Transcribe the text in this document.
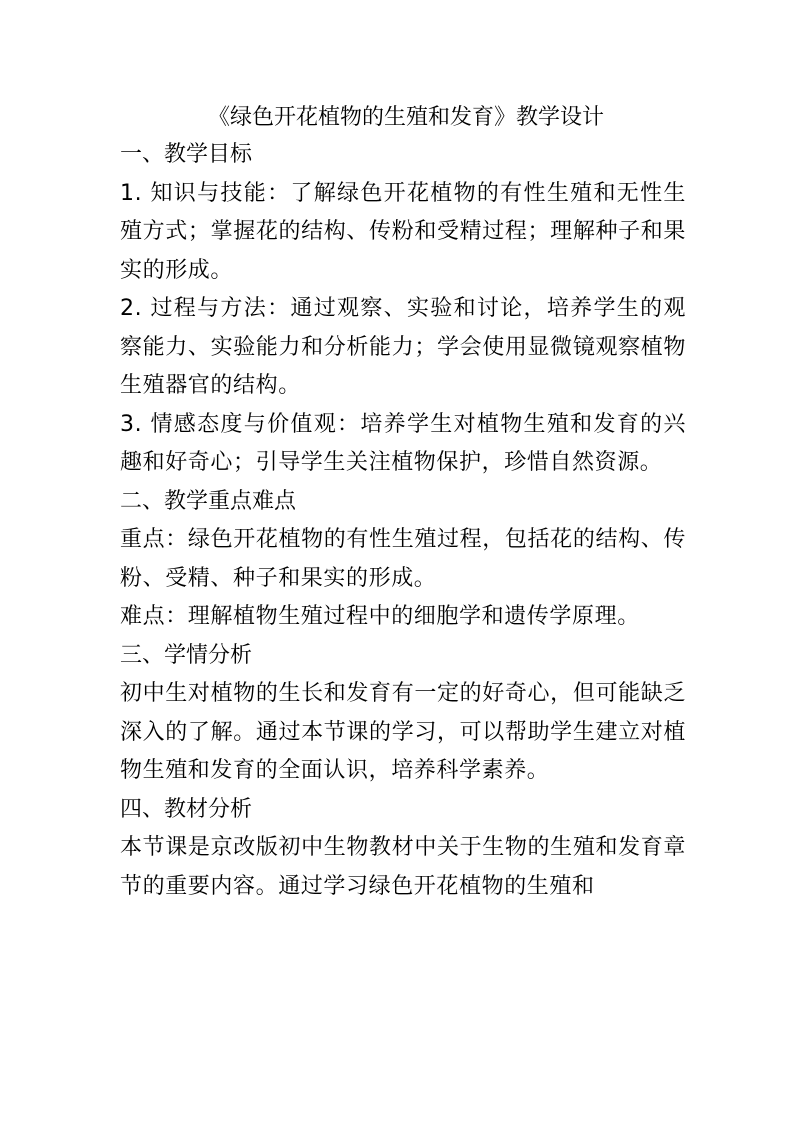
《绿色开花植物的生殖和发育》教学设计

一、教学目标

1. 知识与技能：了解绿色开花植物的有性生殖和无性生殖方式；掌握花的结构、传粉和受精过程；理解种子和果实的形成。

2. 过程与方法：通过观察、实验和讨论，培养学生的观察能力、实验能力和分析能力；学会使用显微镜观察植物生殖器官的结构。

3. 情感态度与价值观：培养学生对植物生殖和发育的兴趣和好奇心；引导学生关注植物保护，珍惜自然资源。

二、教学重点难点

重点：绿色开花植物的有性生殖过程，包括花的结构、传粉、受精、种子和果实的形成。

难点：理解植物生殖过程中的细胞学和遗传学原理。

三、学情分析

初中生对植物的生长和发育有一定的好奇心，但可能缺乏深入的了解。通过本节课的学习，可以帮助学生建立对植物生殖和发育的全面认识，培养科学素养。

四、教材分析

本节课是京改版初中生物教材中关于生物的生殖和发育章节的重要内容。通过学习绿色开花植物的生殖和
